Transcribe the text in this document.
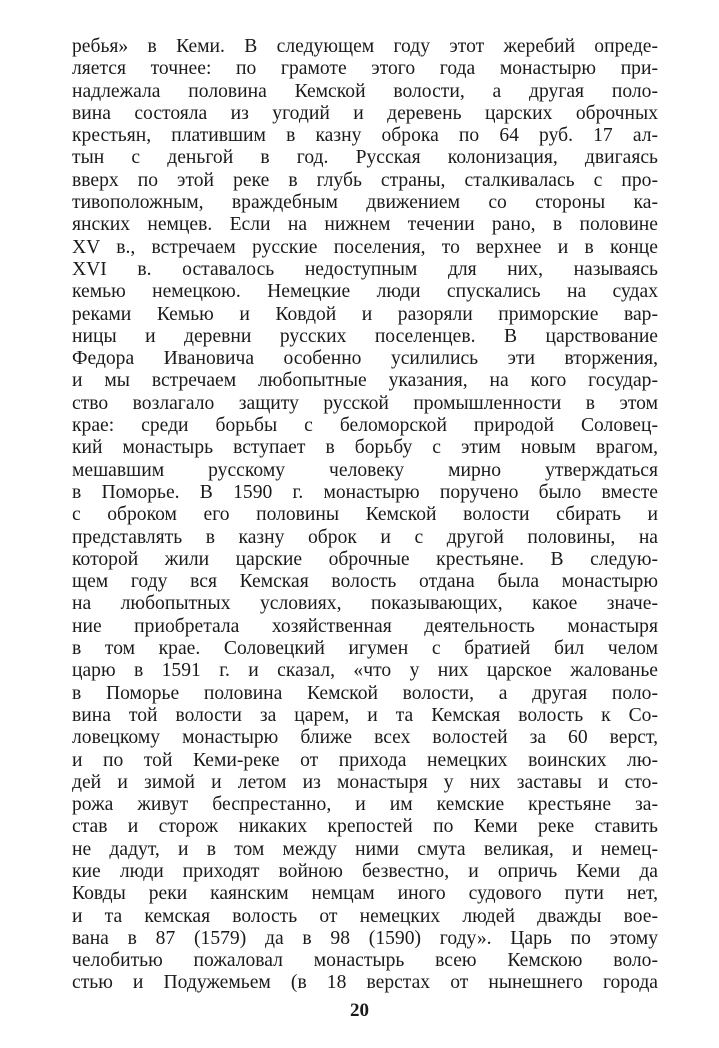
ребья» в Кеми. В следующем году этот жеребий опреде-
ляется точнее: по грамоте этого года монастырю при-
надлежала половина Кемской волости, а другая поло-
вина состояла из угодий и деревень царских оброчных
крестьян, платившим в казну оброка по 64 руб. 17 ал-
тын с деньгой в год. Русская колонизация, двигаясь
вверх по этой реке в глубь страны, сталкивалась с про-
тивоположным, враждебным движением со стороны ка-
янских немцев. Если на нижнем течении рано, в половине
XV в., встречаем русские поселения, то верхнее и в конце
XVI в. оставалось недоступным для них, называясь
кемью немецкою. Немецкие люди спускались на судах
реками Кемью и Ковдой и разоряли приморские вар-
ницы и деревни русских поселенцев. В царствование
Федора Ивановича особенно усилились эти вторжения,
и мы встречаем любопытные указания, на кого государ-
ство возлагало защиту русской промышленности в этом
крае: среди борьбы с беломорской природой Соловец-
кий монастырь вступает в борьбу с этим новым врагом,
мешавшим русскому человеку мирно утверждаться
в Поморье. В 1590 г. монастырю поручено было вместе
с оброком его половины Кемской волости сбирать и
представлять в казну оброк и с другой половины, на
которой жили царские оброчные крестьяне. В следую-
щем году вся Кемская волость отдана была монастырю
на любопытных условиях, показывающих, какое значе-
ние приобретала хозяйственная деятельность монастыря
в том крае. Соловецкий игумен с братией бил челом
царю в 1591 г. и сказал, «что у них царское жалованье
в Поморье половина Кемской волости, а другая поло-
вина той волости за царем, и та Кемская волость к Со-
ловецкому монастырю ближе всех волостей за 60 верст,
и по той Кеми-реке от прихода немецких воинских лю-
дей и зимой и летом из монастыря у них заставы и сто-
рожа живут беспрестанно, и им кемские крестьяне за-
став и сторож никаких крепостей по Кеми реке ставить
не дадут, и в том между ними смута великая, и немец-
кие люди приходят войною безвестно, и опричь Кеми да
Ковды реки каянским немцам иного судового пути нет,
и та кемская волость от немецких людей дважды вое-
вана в 87 (1579) да в 98 (1590) году». Царь по этому
челобитью пожаловал монастырь всею Кемскою воло-
стью и Подужемьем (в 18 верстах от нынешнего города
20
